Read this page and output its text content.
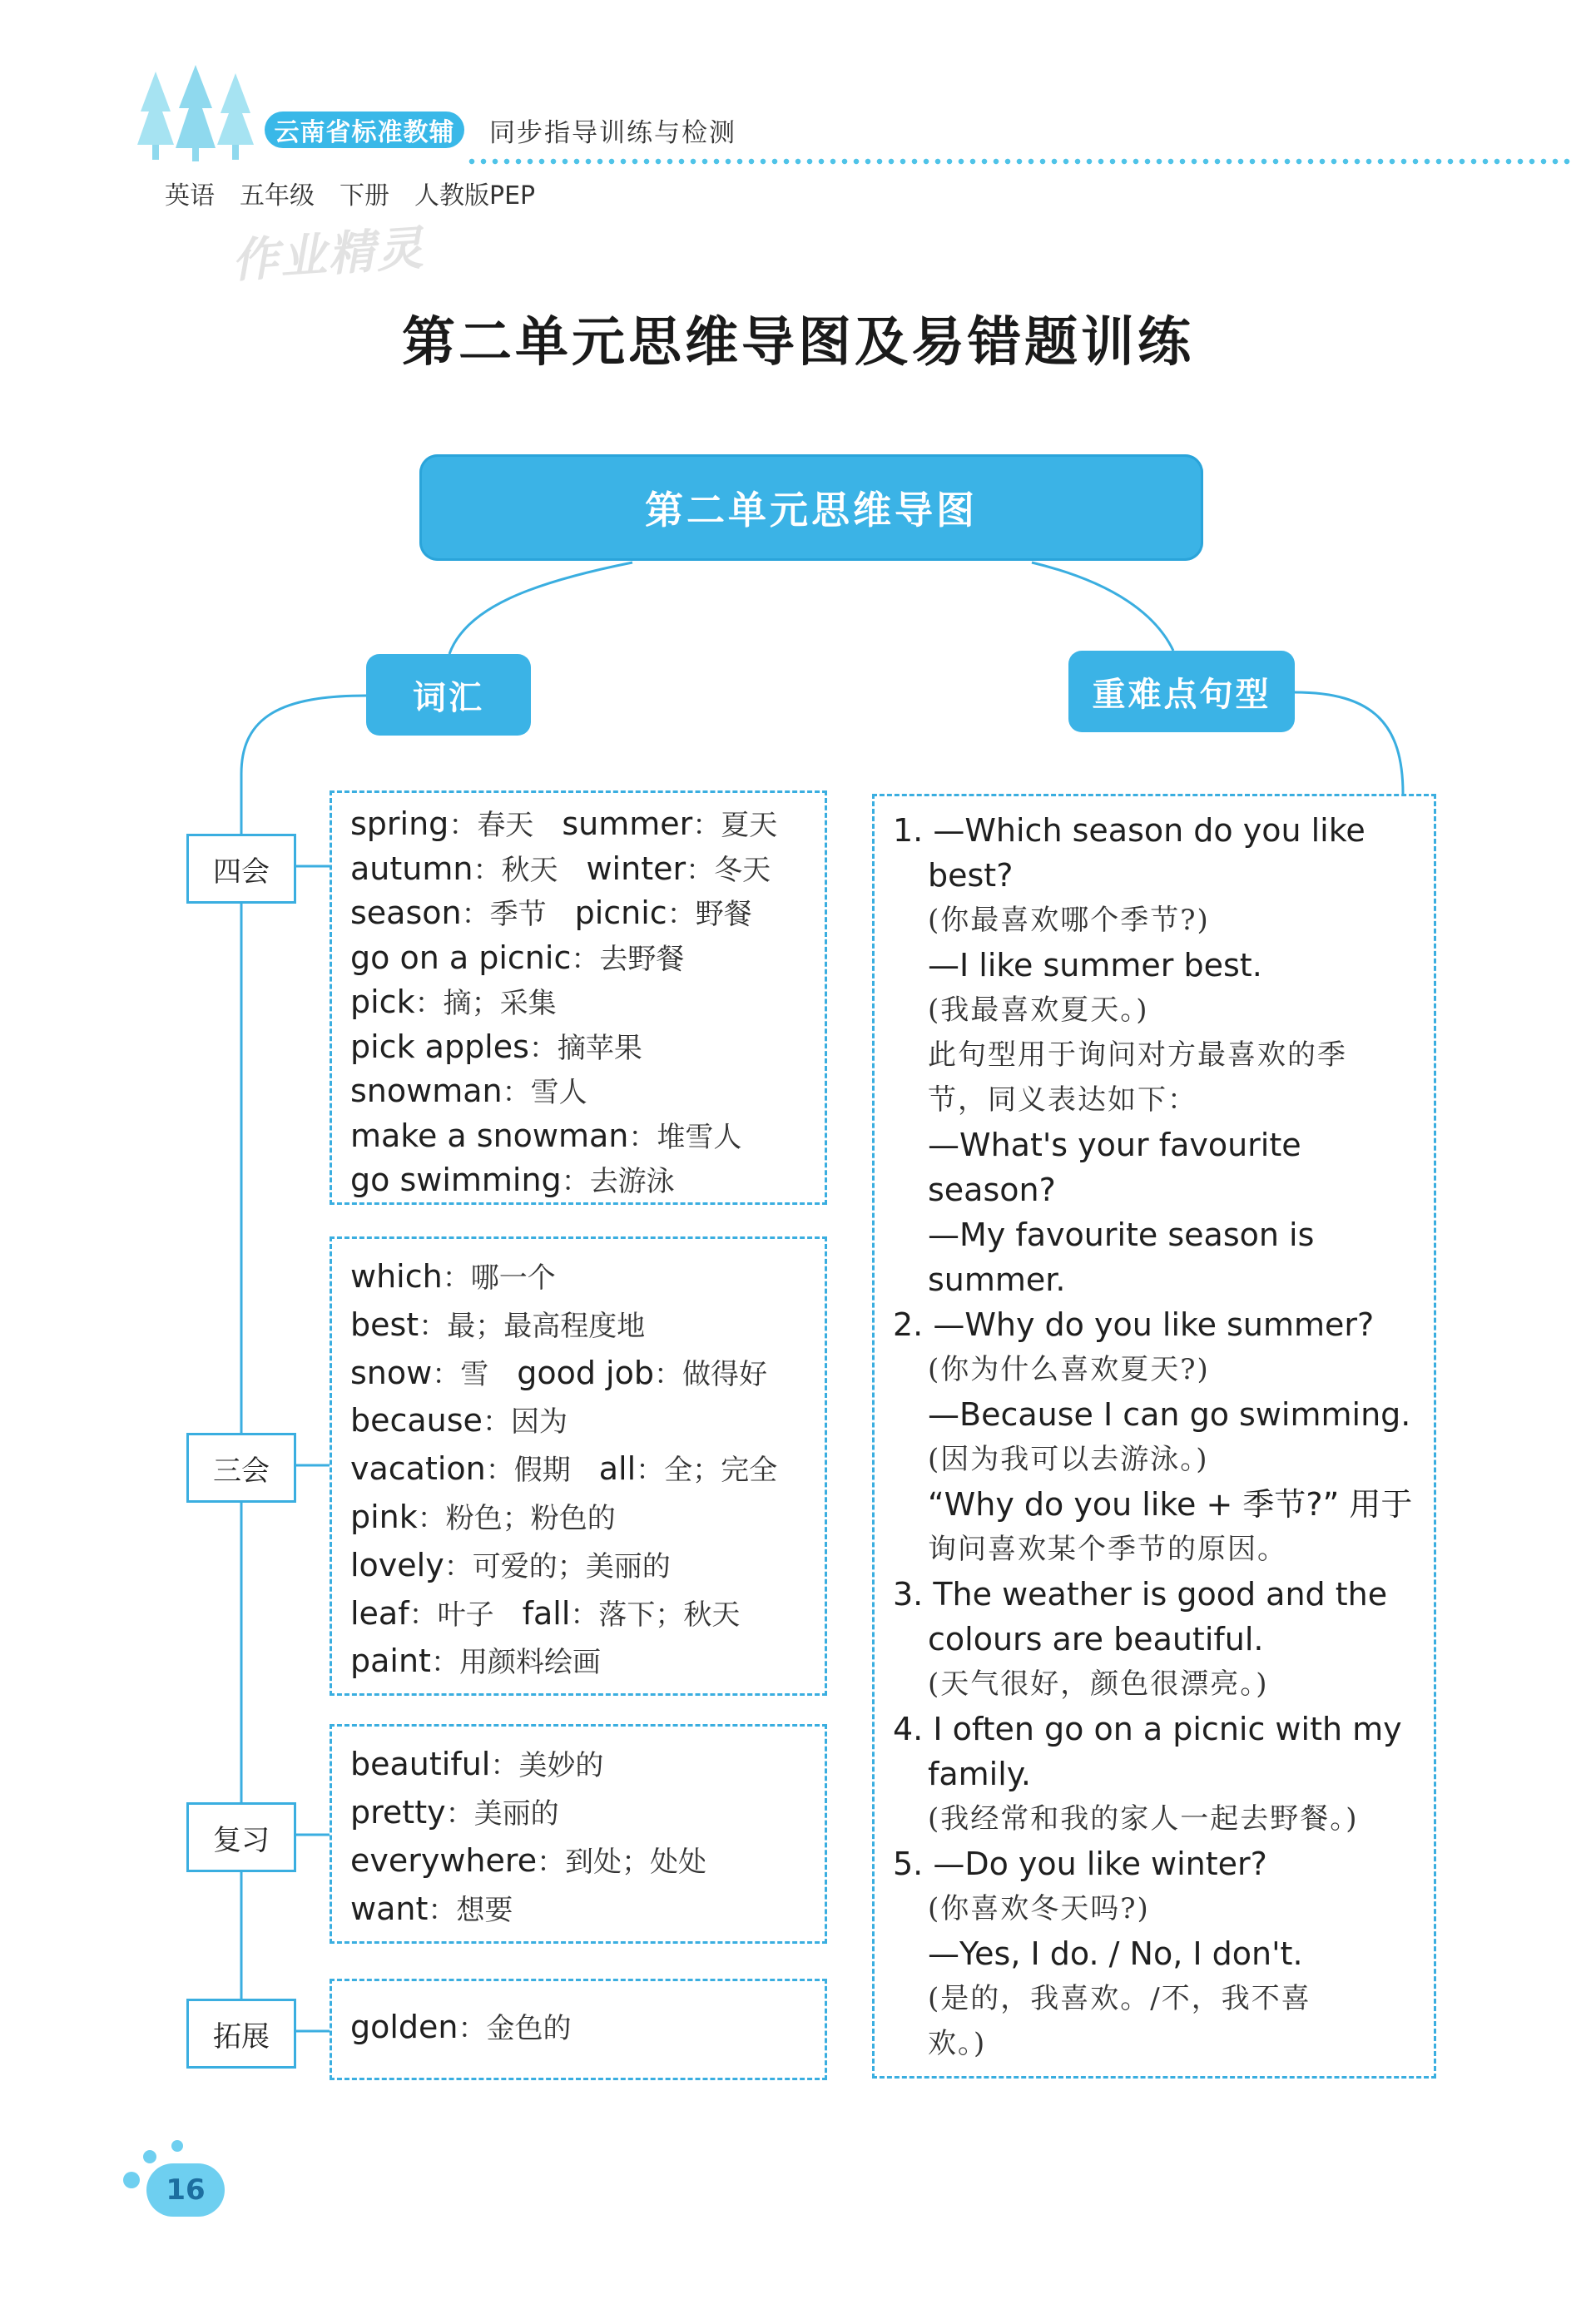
云南省标准教辅	同步指导训练与检测
英语 五年级 下册 人教版PEP
作业精灵
第二单元思维导图及易错题训练
第二单元思维导图
词汇	重难点句型
四会
三会
复习
拓展
spring：春天 summer：夏天
autumn：秋天 winter：冬天
season：季节 picnic：野餐
go on a picnic：去野餐
pick：摘；采集
pick apples：摘苹果
snowman：雪人
make a snowman：堆雪人
go swimming：去游泳
which：哪一个
best：最；最高程度地
snow：雪 good job：做得好
because：因为
vacation：假期 all：全；完全
pink：粉色；粉色的
lovely：可爱的；美丽的
leaf：叶子 fall：落下；秋天
paint：用颜料绘画
beautiful：美妙的
pretty：美丽的
everywhere：到处；处处
want：想要
golden：金色的
1. —Which season do you like
best?
(你最喜欢哪个季节?)
—I like summer best.
(我最喜欢夏天。)
此句型用于询问对方最喜欢的季
节，同义表达如下：
—What's your favourite
season?
—My favourite season is
summer.
2. —Why do you like summer?
(你为什么喜欢夏天?)
—Because I can go swimming.
(因为我可以去游泳。)
“Why do you like + 季节?” 用于
询问喜欢某个季节的原因。
3. The weather is good and the
colours are beautiful.
(天气很好，颜色很漂亮。)
4. I often go on a picnic with my
family.
(我经常和我的家人一起去野餐。)
5. —Do you like winter?
(你喜欢冬天吗?)
—Yes, I do. / No, I don't.
(是的，我喜欢。/不，我不喜
欢。)
16
